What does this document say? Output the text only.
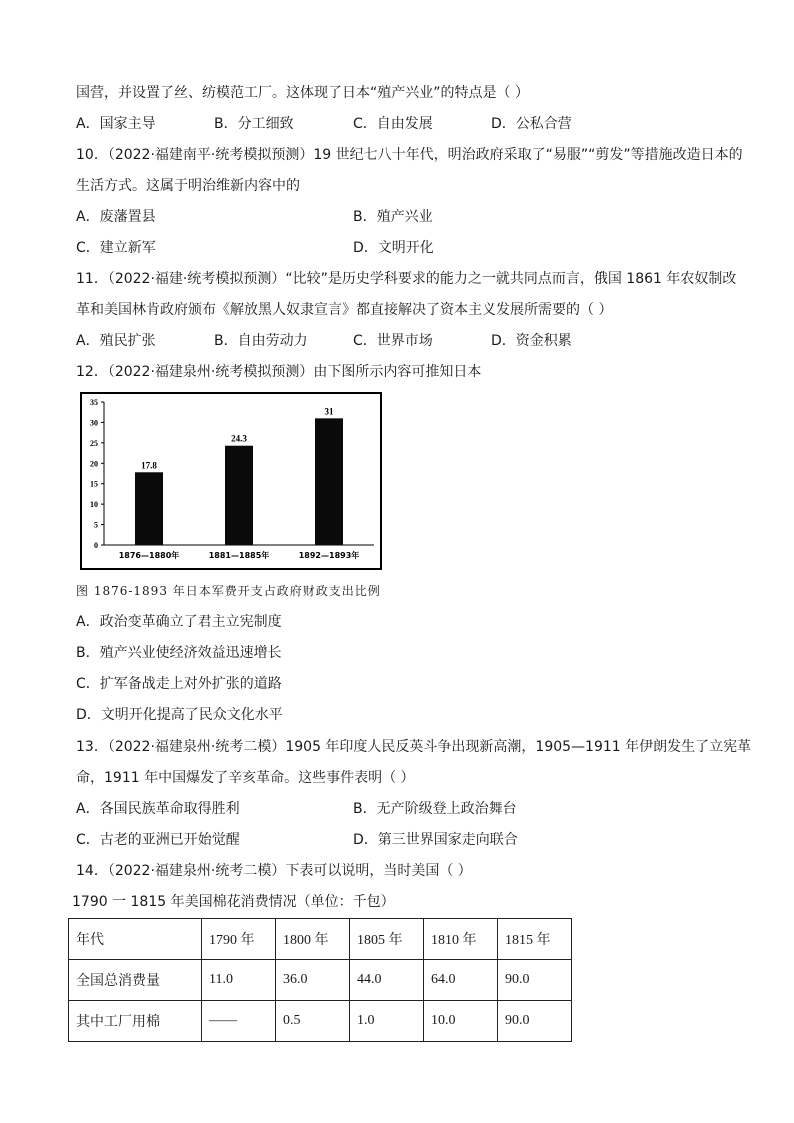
国营，并设置了丝、纺模范工厂。这体现了日本“殖产兴业”的特点是（ ）
A．国家主导	B．分工细致	C．自由发展	D．公私合营
10．（2022·福建南平·统考模拟预测）19 世纪七八十年代，明治政府采取了“易服”“剪发”等措施改造日本的
生活方式。这属于明治维新内容中的
A．废藩置县	B．殖产兴业
C．建立新军	D．文明开化
11．（2022·福建·统考模拟预测）“比较”是历史学科要求的能力之一就共同点而言，俄国 1861 年农奴制改
革和美国林肯政府颁布《解放黑人奴隶宣言》都直接解决了资本主义发展所需要的（ ）
A．殖民扩张	B．自由劳动力	C．世界市场	D．资金积累
12．（2022·福建泉州·统考模拟预测）由下图所示内容可推知日本
0
5
10
15
20
25
30
35
17.8
24.3
31
1876—1880年	1881—1885年	1892—1893年
图 1876-1893 年日本军费开支占政府财政支出比例
A．政治变革确立了君主立宪制度
B．殖产兴业使经济效益迅速增长
C．扩军备战走上对外扩张的道路
D．文明开化提高了民众文化水平
13．（2022·福建泉州·统考二模）1905 年印度人民反英斗争出现新高潮，1905—1911 年伊朗发生了立宪革
命，1911 年中国爆发了辛亥革命。这些事件表明（ ）
A．各国民族革命取得胜利	B．无产阶级登上政治舞台
C．古老的亚洲已开始觉醒	D．第三世界国家走向联合
14．（2022·福建泉州·统考二模）下表可以说明，当时美国（ ）
1790 一 1815 年美国棉花消费情况（单位：千包）
年代	1790 年	1800 年	1805 年	1810 年	1815 年
全国总消费量	11.0	36.0	44.0	64.0	90.0
其中工厂用棉	——	0.5	1.0	10.0	90.0
